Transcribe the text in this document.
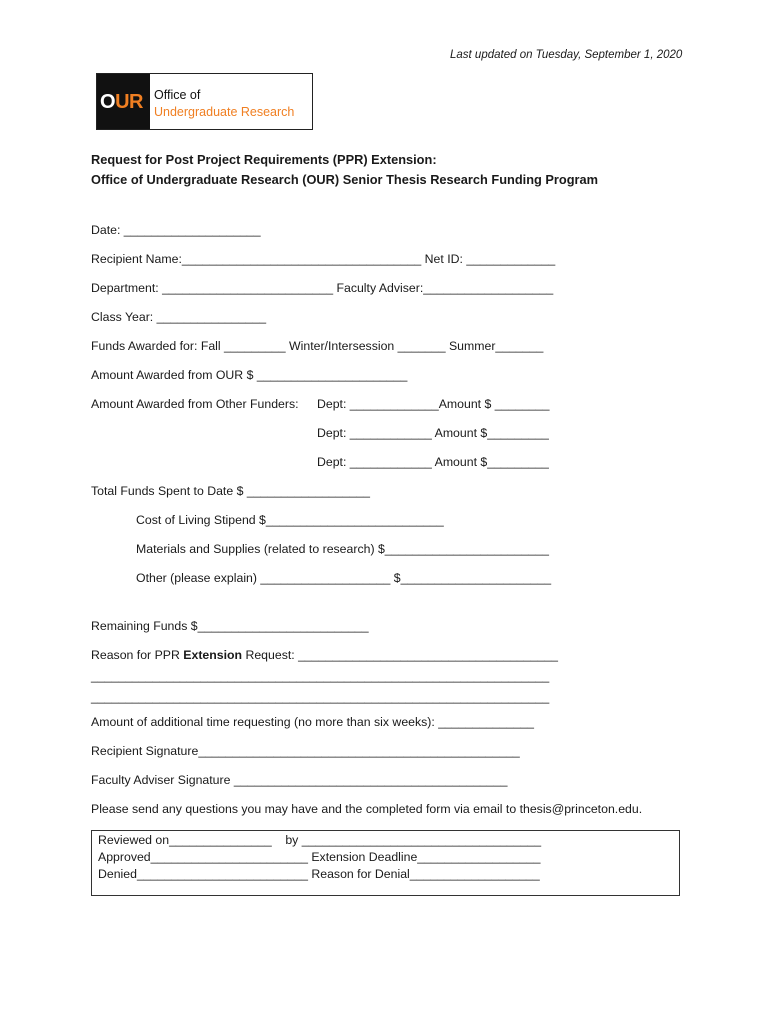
Last updated on Tuesday, September 1, 2020
OUR Office of
Undergraduate Research
Request for Post Project Requirements (PPR) Extension:
Office of Undergraduate Research (OUR) Senior Thesis Research Funding Program
Date: ____________________
Recipient Name:___________________________________ Net ID: _____________
Department: _________________________ Faculty Adviser:___________________
Class Year: ________________
Funds Awarded for: Fall _________ Winter/Intersession _______ Summer_______
Amount Awarded from OUR $ ______________________
Amount Awarded from Other Funders: Dept: _____________Amount $ ________
Dept: ____________ Amount $_________
Dept: ____________ Amount $_________
Total Funds Spent to Date $ __________________
Cost of Living Stipend $__________________________
Materials and Supplies (related to research) $________________________
Other (please explain) ___________________ $______________________
Remaining Funds $_________________________
Reason for PPR Extension Request: ______________________________________
___________________________________________________________________
___________________________________________________________________
Amount of additional time requesting (no more than six weeks): ______________
Recipient Signature_______________________________________________
Faculty Adviser Signature ________________________________________
Please send any questions you may have and the completed form via email to thesis@princeton.edu.
Reviewed on_______________    by ___________________________________
Approved_______________________ Extension Deadline__________________
Denied_________________________ Reason for Denial___________________
